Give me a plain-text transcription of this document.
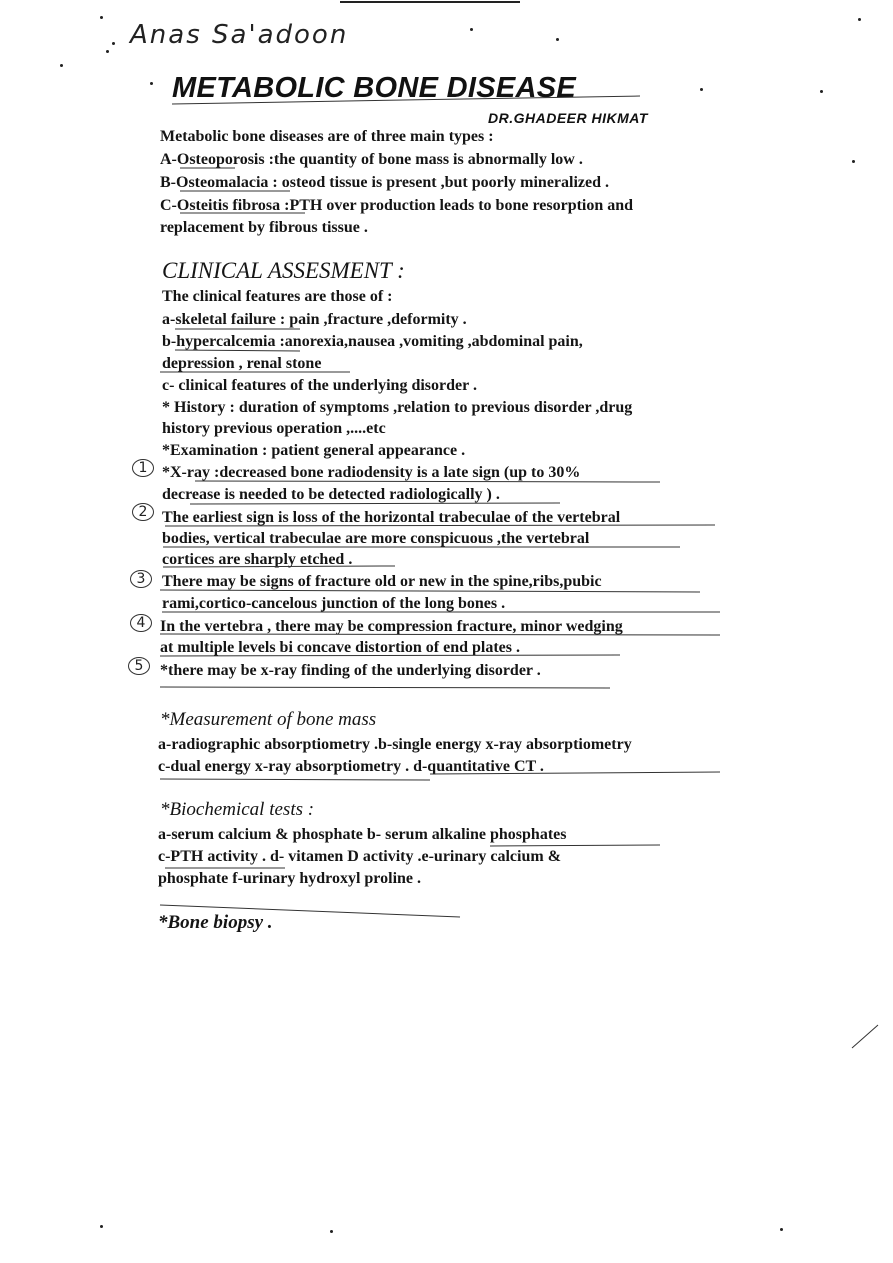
Anas Sa'adoon
METABOLIC BONE DISEASE
DR.GHADEER HIKMAT
Metabolic bone diseases are of three main types :
A-Osteoporosis :the quantity of bone mass is abnormally low .
B-Osteomalacia : osteod tissue is present ,but poorly mineralized .
C-Osteitis fibrosa :PTH over production leads to bone resorption and
replacement by fibrous tissue .
CLINICAL ASSESMENT :
The clinical features are those of :
a-skeletal failure : pain ,fracture ,deformity .
b-hypercalcemia :anorexia,nausea ,vomiting ,abdominal pain,
depression , renal stone
c- clinical features of the underlying disorder .
* History : duration of symptoms ,relation to previous disorder ,drug
history previous operation ,....etc
*Examination : patient general appearance .
*X-ray :decreased bone radiodensity is a late sign (up to 30%
decrease is needed to be detected radiologically ) .
The earliest sign is loss of the horizontal trabeculae of the vertebral
bodies, vertical trabeculae are more conspicuous ,the vertebral
cortices are sharply etched .
There may be signs of fracture old or new in the spine,ribs,pubic
rami,cortico-cancelous junction of the long bones .
In the vertebra , there may be compression fracture, minor wedging
at multiple levels bi concave distortion of end plates .
*there may be x-ray finding of the underlying disorder .
1
2
3
4
5
*Measurement of bone mass
a-radiographic absorptiometry .b-single energy x-ray absorptiometry
c-dual energy x-ray absorptiometry . d-quantitative CT .
*Biochemical tests :
a-serum calcium & phosphate b- serum alkaline phosphates
c-PTH activity . d- vitamen D activity .e-urinary calcium &
phosphate f-urinary hydroxyl proline .
*Bone biopsy .
